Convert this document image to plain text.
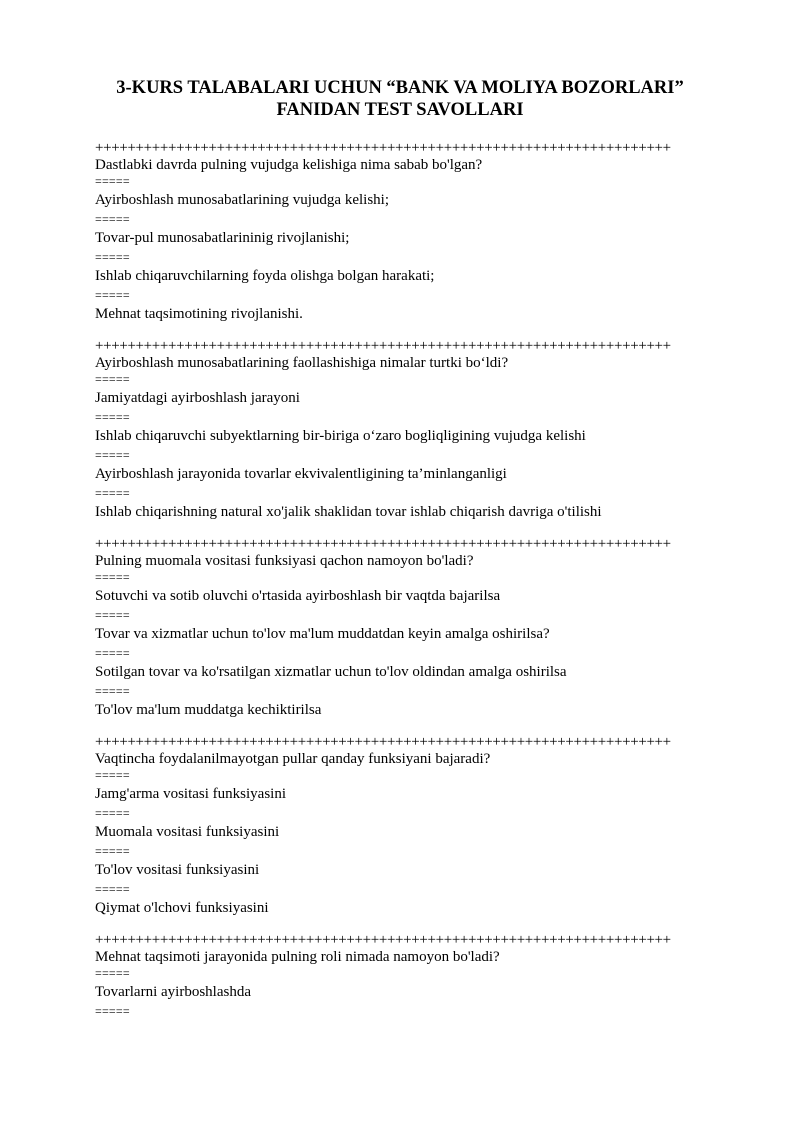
3-KURS TALABALARI UCHUN “BANK VA MOLIYA BOZORLARI”
FANIDAN TEST SAVOLLARI
+++++++++++++++++++++++++++++++++++++++++++++++++++++++++++++++++++++++
Dastlabki davrda pulning vujudga kelishiga nima sabab bo'lgan?
=====
Ayirboshlash munosabatlarining vujudga kelishi;
=====
Tovar-pul munosabatlarininig rivojlanishi;
=====
Ishlab chiqaruvchilarning foyda olishga bolgan harakati;
=====
Mehnat taqsimotining rivojlanishi.
+++++++++++++++++++++++++++++++++++++++++++++++++++++++++++++++++++++++
Ayirboshlash munosabatlarining faollashishiga nimalar turtki bo‘ldi?
=====
Jamiyatdagi ayirboshlash jarayoni
=====
Ishlab chiqaruvchi subyektlarning bir-biriga o‘zaro bogliqligining vujudga kelishi
=====
Ayirboshlash jarayonida tovarlar ekvivalentligining ta’minlanganligi
=====
Ishlab chiqarishning natural xo'jalik shaklidan tovar ishlab chiqarish davriga o'tilishi
+++++++++++++++++++++++++++++++++++++++++++++++++++++++++++++++++++++++
Pulning muomala vositasi funksiyasi qachon namoyon bo'ladi?
=====
Sotuvchi va sotib oluvchi o'rtasida ayirboshlash bir vaqtda bajarilsa
=====
Tovar va xizmatlar uchun to'lov ma'lum muddatdan keyin amalga oshirilsa?
=====
Sotilgan tovar va ko'rsatilgan xizmatlar uchun to'lov oldindan amalga oshirilsa
=====
To'lov ma'lum muddatga kechiktirilsa
+++++++++++++++++++++++++++++++++++++++++++++++++++++++++++++++++++++++
Vaqtincha foydalanilmayotgan pullar qanday funksiyani bajaradi?
=====
Jamg'arma vositasi funksiyasini
=====
Muomala vositasi funksiyasini
=====
To'lov vositasi funksiyasini
=====
Qiymat o'lchovi funksiyasini
+++++++++++++++++++++++++++++++++++++++++++++++++++++++++++++++++++++++
Mehnat taqsimoti jarayonida pulning roli nimada namoyon bo'ladi?
=====
Tovarlarni ayirboshlashda
=====
